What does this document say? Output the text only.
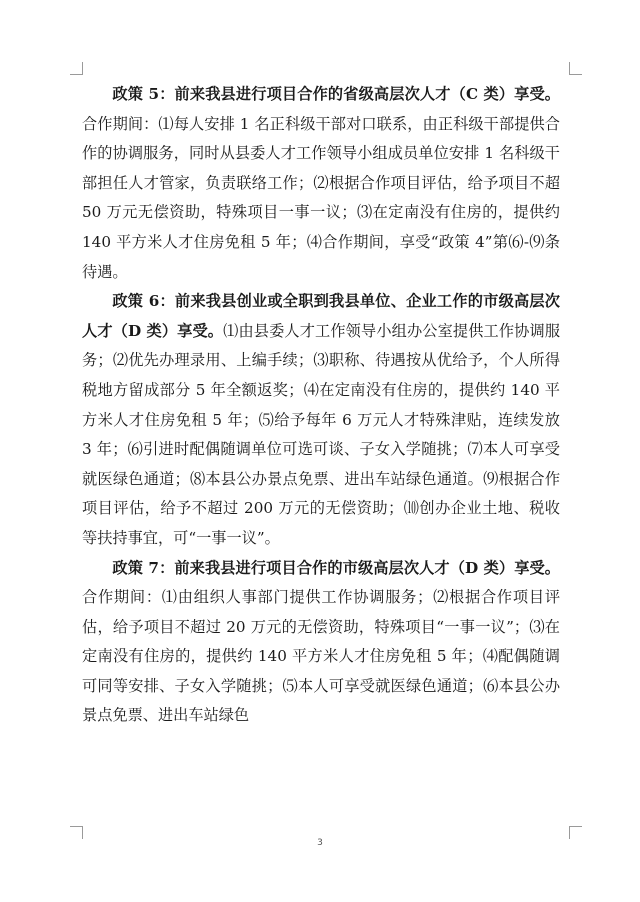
政策 5：前来我县进行项目合作的省级高层次人才（C 类）享受。合作期间：⑴每人安排 1 名正科级干部对口联系，由正科级干部提供合作的协调服务，同时从县委人才工作领导小组成员单位安排 1 名科级干部担任人才管家，负责联络工作；⑵根据合作项目评估，给予项目不超 50 万元无偿资助，特殊项目一事一议；⑶在定南没有住房的，提供约 140 平方米人才住房免租 5 年；⑷合作期间，享受“政策 4”第⑹-⑼条待遇。

政策 6：前来我县创业或全职到我县单位、企业工作的市级高层次人才（D 类）享受。⑴由县委人才工作领导小组办公室提供工作协调服务；⑵优先办理录用、上编手续；⑶职称、待遇按从优给予，个人所得税地方留成部分 5 年全额返奖；⑷在定南没有住房的，提供约 140 平方米人才住房免租 5 年；⑸给予每年 6 万元人才特殊津贴，连续发放 3 年；⑹引进时配偶随调单位可选可谈、子女入学随挑；⑺本人可享受就医绿色通道；⑻本县公办景点免票、进出车站绿色通道。⑼根据合作项目评估，给予不超过 200 万元的无偿资助；⑽创办企业土地、税收等扶持事宜，可“一事一议”。

政策 7：前来我县进行项目合作的市级高层次人才（D 类）享受。合作期间：⑴由组织人事部门提供工作协调服务；⑵根据合作项目评估，给予项目不超过 20 万元的无偿资助，特殊项目“一事一议”；⑶在定南没有住房的，提供约 140 平方米人才住房免租 5 年；⑷配偶随调可同等安排、子女入学随挑；⑸本人可享受就医绿色通道；⑹本县公办景点免票、进出车站绿色

3
